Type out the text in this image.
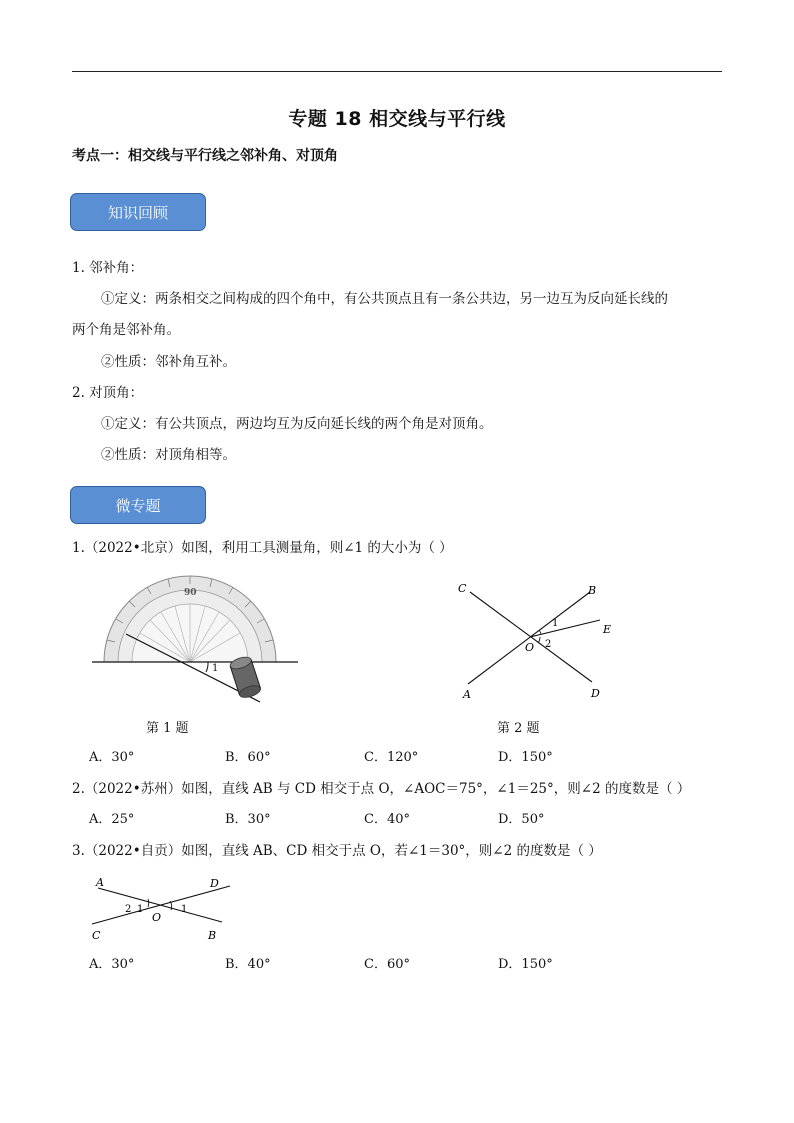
专题 18 相交线与平行线
考点一：相交线与平行线之邻补角、对顶角
知识回顾
1. 邻补角：
①定义：两条相交之间构成的四个角中，有公共顶点且有一条公共边，另一边互为反向延长线的
两个角是邻补角。
②性质：邻补角互补。
2. 对顶角：
①定义：有公共顶点，两边均互为反向延长线的两个角是对顶角。
②性质：对顶角相等。
微专题
1.（2022•北京）如图，利用工具测量角，则∠1 的大小为（ ）
90
1
第 1 题
C	B
E
O
A	D
1
2
第 2 题
A．30°	B．60°	C．120°	D．150°
2.（2022•苏州）如图，直线 AB 与 CD 相交于点 O，∠AOC＝75°，∠1＝25°，则∠2 的度数是（ ）
A．25°	B．30°	C．40°	D．50°
3.（2022•自贡）如图，直线 AB、CD 相交于点 O，若∠1＝30°，则∠2 的度数是（ ）
A	D
C	B
O
2 1	1
A．30°	B．40°	C．60°	D．150°
